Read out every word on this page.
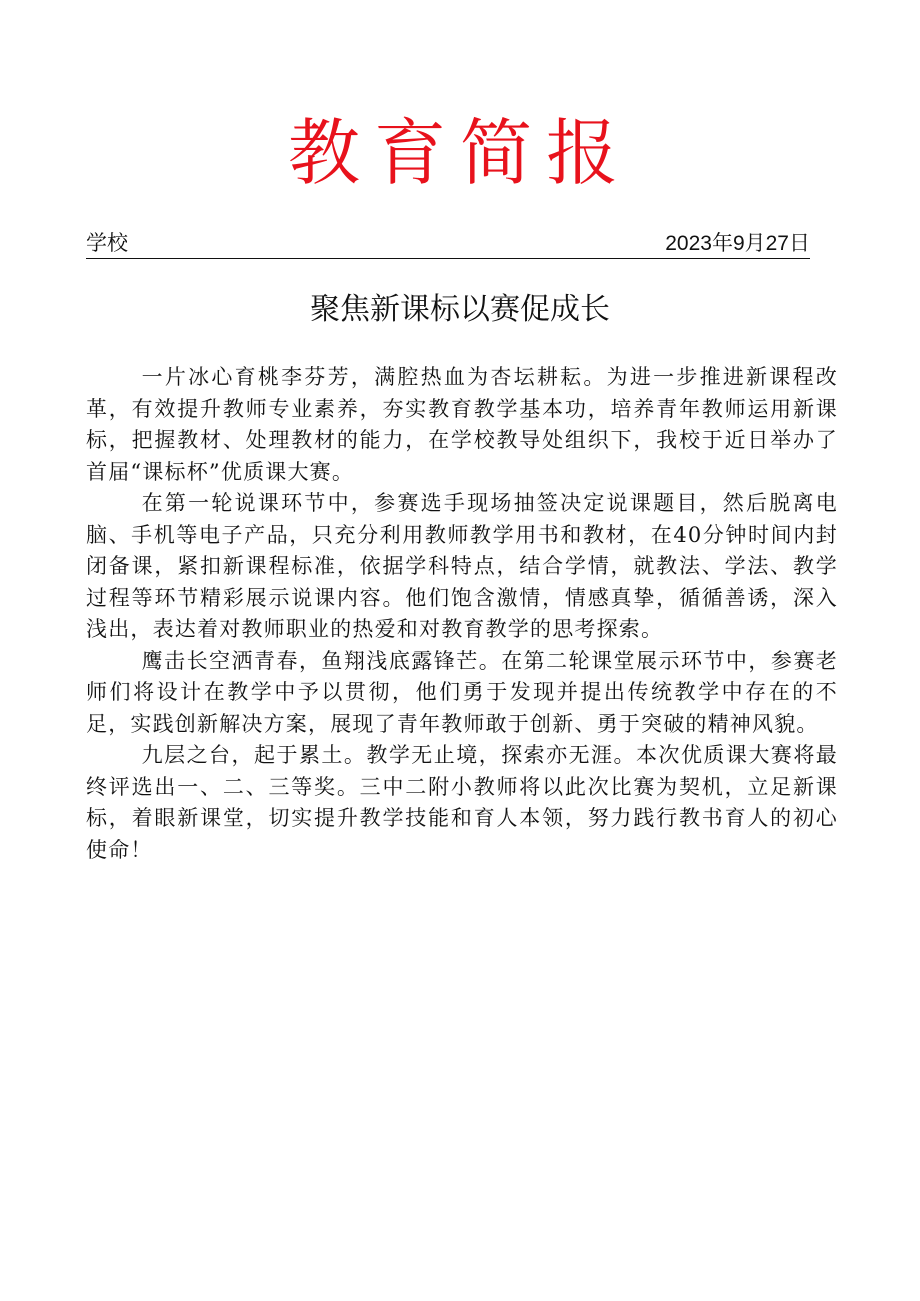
教育简报
学校	2023年9月27日
聚焦新课标以赛促成长

一片冰心育桃李芬芳，满腔热血为杏坛耕耘。为进一步推进新课程改革，有效提升教师专业素养，夯实教育教学基本功，培养青年教师运用新课标，把握教材、处理教材的能力，在学校教导处组织下，我校于近日举办了首届“课标杯”优质课大赛。

在第一轮说课环节中，参赛选手现场抽签决定说课题目，然后脱离电脑、手机等电子产品，只充分利用教师教学用书和教材，在40分钟时间内封闭备课，紧扣新课程标准，依据学科特点，结合学情，就教法、学法、教学过程等环节精彩展示说课内容。他们饱含激情，情感真挚，循循善诱，深入浅出，表达着对教师职业的热爱和对教育教学的思考探索。

鹰击长空洒青春，鱼翔浅底露锋芒。在第二轮课堂展示环节中，参赛老师们将设计在教学中予以贯彻，他们勇于发现并提出传统教学中存在的不足，实践创新解决方案，展现了青年教师敢于创新、勇于突破的精神风貌。

九层之台，起于累土。教学无止境，探索亦无涯。本次优质课大赛将最终评选出一、二、三等奖。三中二附小教师将以此次比赛为契机，立足新课标，着眼新课堂，切实提升教学技能和育人本领，努力践行教书育人的初心使命！
